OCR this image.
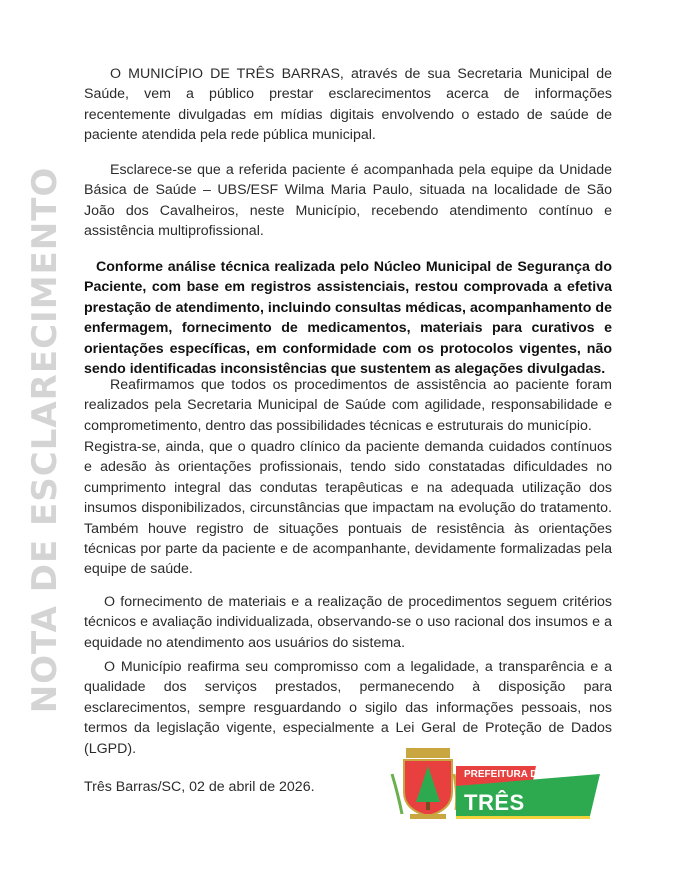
NOTA DE ESCLARECIMENTO

O MUNICÍPIO DE TRÊS BARRAS, através de sua Secretaria Municipal de Saúde, vem a público prestar esclarecimentos acerca de informações recentemente divulgadas em mídias digitais envolvendo o estado de saúde de paciente atendida pela rede pública municipal.

Esclarece-se que a referida paciente é acompanhada pela equipe da Unidade Básica de Saúde – UBS/ESF Wilma Maria Paulo, situada na localidade de São João dos Cavalheiros, neste Município, recebendo atendimento contínuo e assistência multiprofissional.

Conforme análise técnica realizada pelo Núcleo Municipal de Segurança do Paciente, com base em registros assistenciais, restou comprovada a efetiva prestação de atendimento, incluindo consultas médicas, acompanhamento de enfermagem, fornecimento de medicamentos, materiais para curativos e orientações específicas, em conformidade com os protocolos vigentes, não sendo identificadas inconsistências que sustentem as alegações divulgadas.

Reafirmamos que todos os procedimentos de assistência ao paciente foram realizados pela Secretaria Municipal de Saúde com agilidade, responsabilidade e comprometimento, dentro das possibilidades técnicas e estruturais do município.

Registra-se, ainda, que o quadro clínico da paciente demanda cuidados contínuos e adesão às orientações profissionais, tendo sido constatadas dificuldades no cumprimento integral das condutas terapêuticas e na adequada utilização dos insumos disponibilizados, circunstâncias que impactam na evolução do tratamento. Também houve registro de situações pontuais de resistência às orientações técnicas por parte da paciente e de acompanhante, devidamente formalizadas pela equipe de saúde.

O fornecimento de materiais e a realização de procedimentos seguem critérios técnicos e avaliação individualizada, observando-se o uso racional dos insumos e a equidade no atendimento aos usuários do sistema.

O Município reafirma seu compromisso com a legalidade, a transparência e a qualidade dos serviços prestados, permanecendo à disposição para esclarecimentos, sempre resguardando o sigilo das informações pessoais, nos termos da legislação vigente, especialmente a Lei Geral de Proteção de Dados (LGPD).

Três Barras/SC, 02 de abril de 2026.

PREFEITURA DE
TRÊS BARRAS
